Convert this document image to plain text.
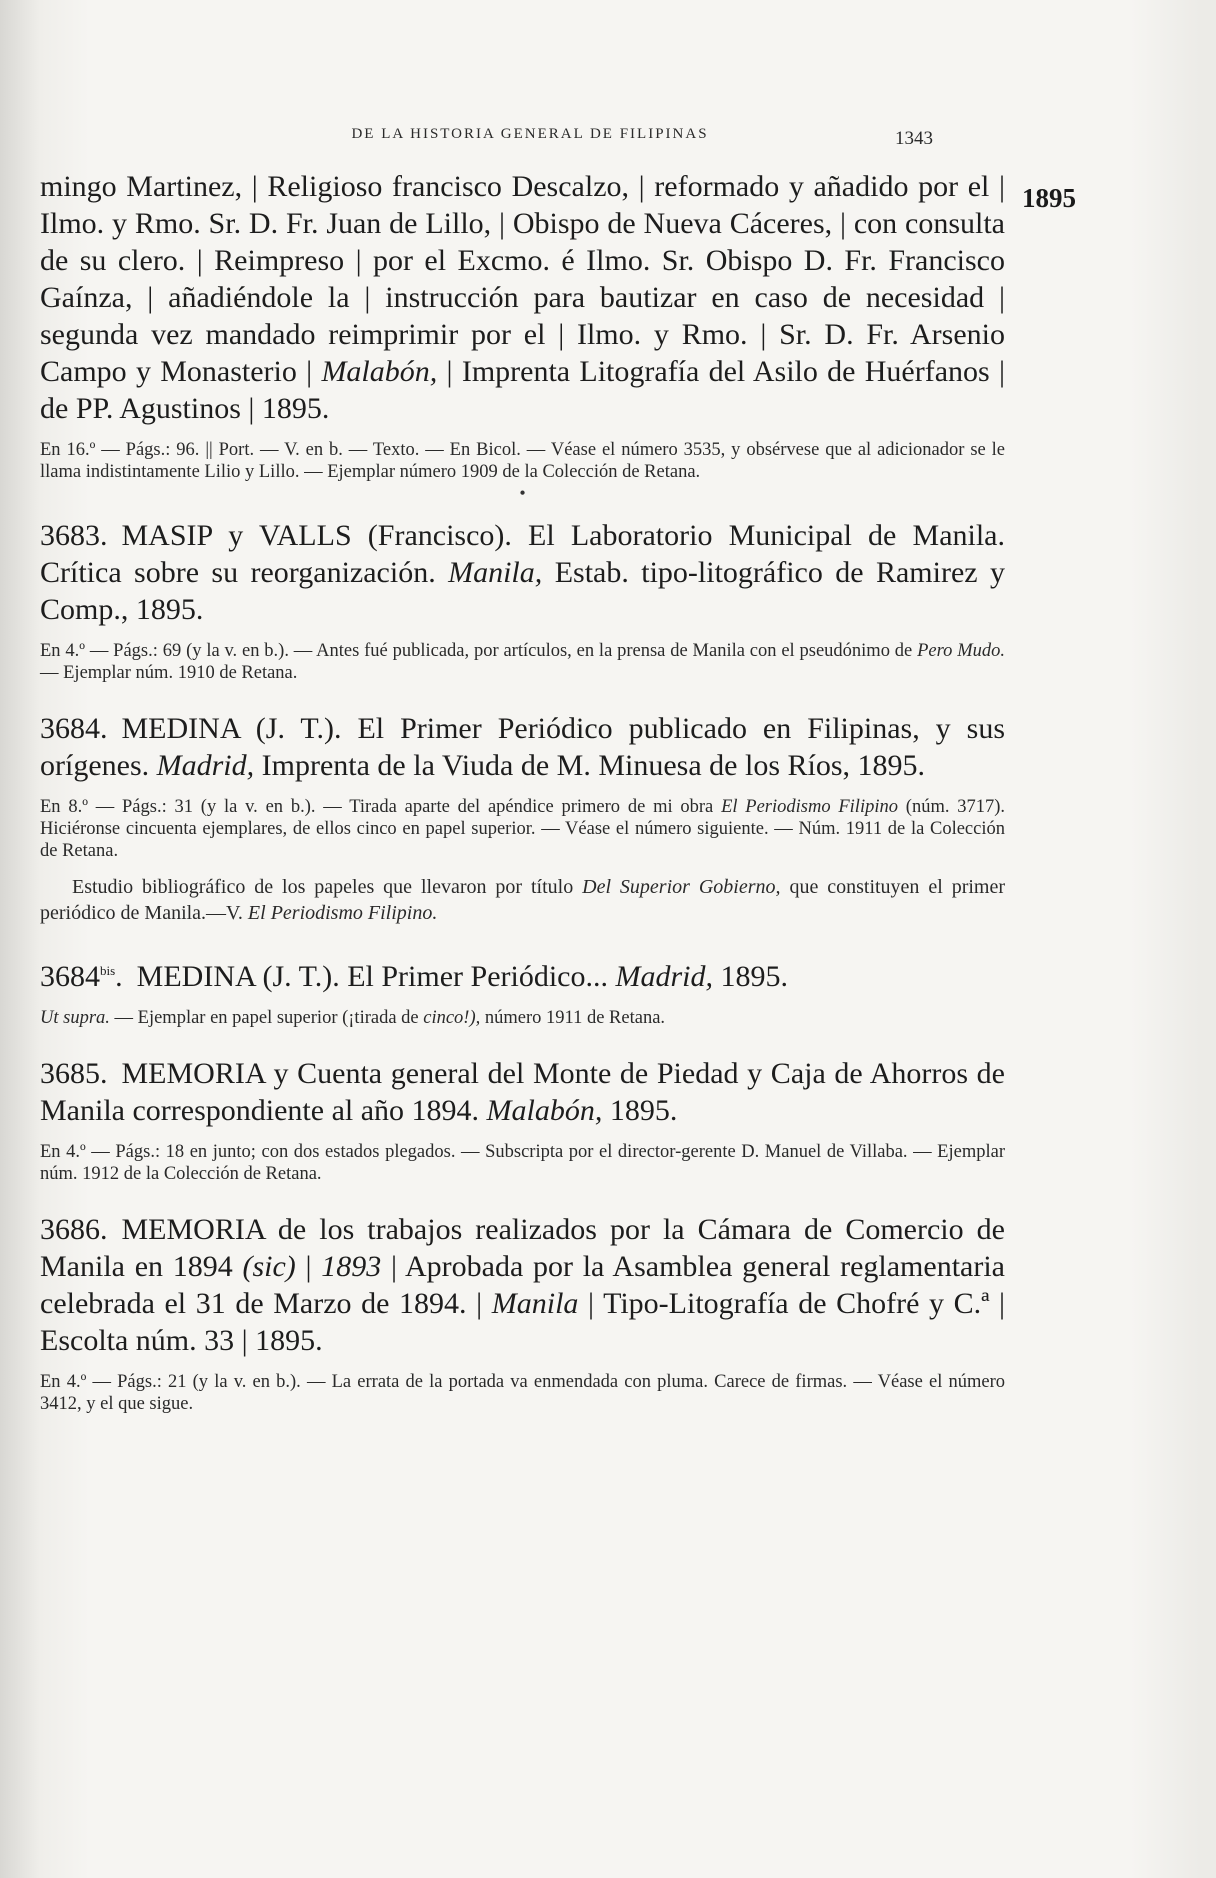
DE LA HISTORIA GENERAL DE FILIPINAS	1343
1895

mingo Martinez, | Religioso francisco Descalzo, | reformado y añadido por el | Ilmo. y Rmo. Sr. D. Fr. Juan de Lillo, | Obispo de Nueva Cáceres, | con consulta de su clero. | Reimpreso | por el Excmo. é Ilmo. Sr. Obispo D. Fr. Francisco Gaínza, | añadiéndole la | instrucción para bautizar en caso de necesidad | segunda vez mandado reimprimir por el | Ilmo. y Rmo. | Sr. D. Fr. Arsenio Campo y Monasterio | Malabón, | Imprenta Litografía del Asilo de Huérfanos | de PP. Agustinos | 1895.

En 16.º — Págs.: 96. || Port. — V. en b. — Texto. — En Bicol. — Véase el número 3535, y obsérvese que al adicionador se le llama indistintamente Lilio y Lillo. — Ejemplar número 1909 de la Colección de Retana.

•

3683. MASIP y VALLS (Francisco). El Laboratorio Municipal de Manila. Crítica sobre su reorganización. Manila, Estab. tipo-litográfico de Ramirez y Comp., 1895.

En 4.º — Págs.: 69 (y la v. en b.). — Antes fué publicada, por artículos, en la prensa de Manila con el pseudónimo de Pero Mudo. — Ejemplar núm. 1910 de Retana.

3684. MEDINA (J. T.). El Primer Periódico publicado en Filipinas, y sus orígenes. Madrid, Imprenta de la Viuda de M. Minuesa de los Ríos, 1895.

En 8.º — Págs.: 31 (y la v. en b.). — Tirada aparte del apéndice primero de mi obra El Periodismo Filipino (núm. 3717). Hiciéronse cincuenta ejemplares, de ellos cinco en papel superior. — Véase el número siguiente. — Núm. 1911 de la Colección de Retana.

Estudio bibliográfico de los papeles que llevaron por título Del Superior Gobierno, que constituyen el primer periódico de Manila.—V. El Periodismo Filipino.

$3684^{bis}$. MEDINA (J. T.). El Primer Periódico... Madrid, 1895.

Ut supra. — Ejemplar en papel superior (¡tirada de cinco!), número 1911 de Retana.

3685. MEMORIA y Cuenta general del Monte de Piedad y Caja de Ahorros de Manila correspondiente al año 1894. Malabón, 1895.

En 4.º — Págs.: 18 en junto; con dos estados plegados. — Subscripta por el director-gerente D. Manuel de Villaba. — Ejemplar núm. 1912 de la Colección de Retana.

3686. MEMORIA de los trabajos realizados por la Cámara de Comercio de Manila en 1894 (sic) | 1893 | Aprobada por la Asamblea general reglamentaria celebrada el 31 de Marzo de 1894. | Manila | Tipo-Litografía de Chofré y C.ª | Escolta núm. 33 | 1895.

En 4.º — Págs.: 21 (y la v. en b.). — La errata de la portada va enmendada con pluma. Carece de firmas. — Véase el número 3412, y el que sigue.
